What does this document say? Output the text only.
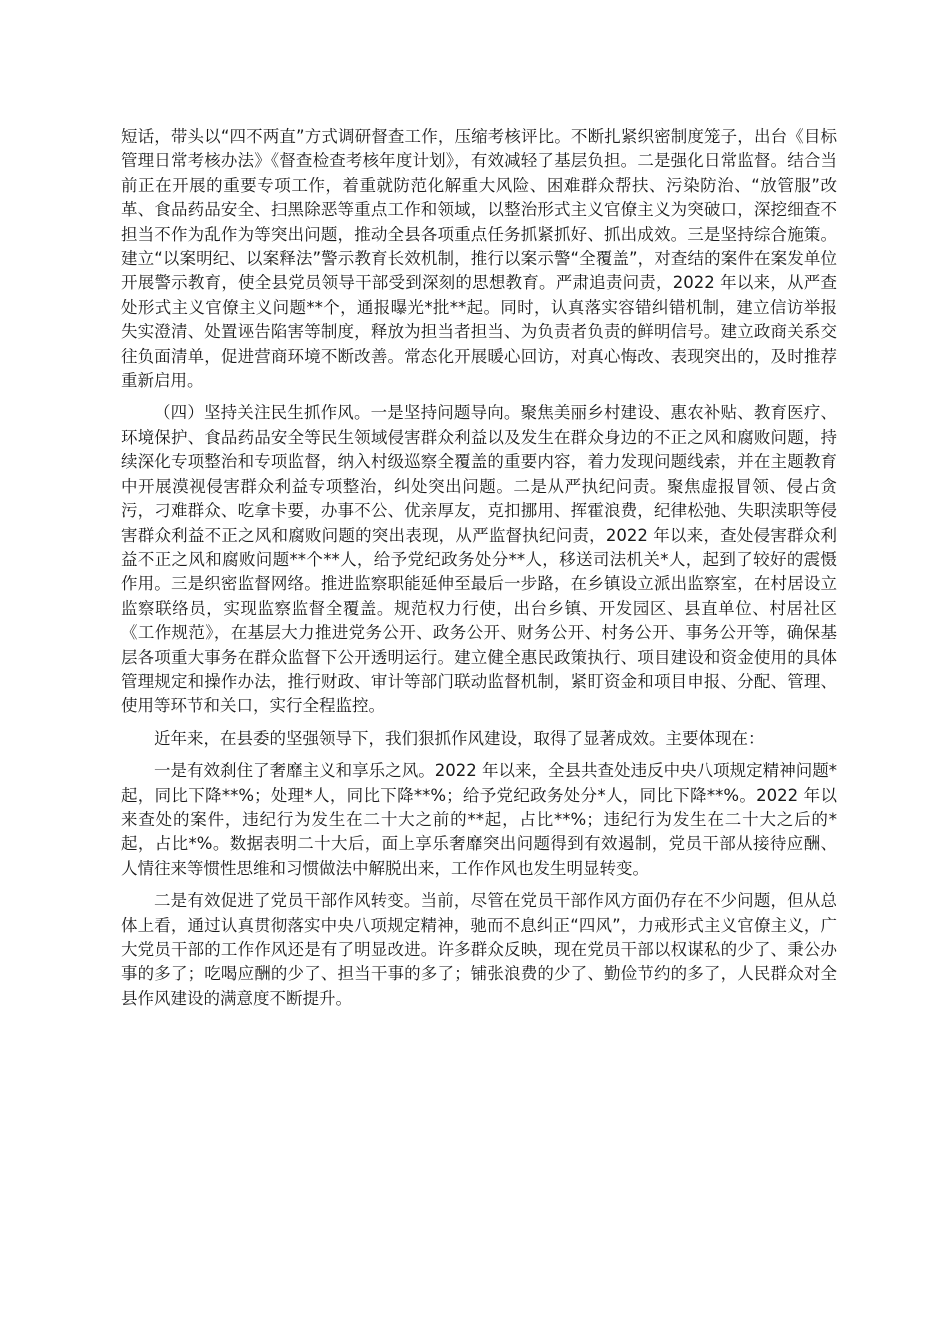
短话，带头以“四不两直”方式调研督查工作，压缩考核评比。不断扎紧织密制度笼子，出台《目标管理日常考核办法》《督查检查考核年度计划》，有效减轻了基层负担。二是强化日常监督。结合当前正在开展的重要专项工作，着重就防范化解重大风险、困难群众帮扶、污染防治、“放管服”改革、食品药品安全、扫黑除恶等重点工作和领域，以整治形式主义官僚主义为突破口，深挖细查不担当不作为乱作为等突出问题，推动全县各项重点任务抓紧抓好、抓出成效。三是坚持综合施策。建立“以案明纪、以案释法”警示教育长效机制，推行以案示警“全覆盖”，对查结的案件在案发单位开展警示教育，使全县党员领导干部受到深刻的思想教育。严肃追责问责，2022 年以来，从严查处形式主义官僚主义问题**个，通报曝光*批**起。同时，认真落实容错纠错机制，建立信访举报失实澄清、处置诬告陷害等制度，释放为担当者担当、为负责者负责的鲜明信号。建立政商关系交往负面清单，促进营商环境不断改善。常态化开展暖心回访，对真心悔改、表现突出的，及时推荐重新启用。

（四）坚持关注民生抓作风。一是坚持问题导向。聚焦美丽乡村建设、惠农补贴、教育医疗、环境保护、食品药品安全等民生领域侵害群众利益以及发生在群众身边的不正之风和腐败问题，持续深化专项整治和专项监督，纳入村级巡察全覆盖的重要内容，着力发现问题线索，并在主题教育中开展漠视侵害群众利益专项整治，纠处突出问题。二是从严执纪问责。聚焦虚报冒领、侵占贪污，刁难群众、吃拿卡要，办事不公、优亲厚友，克扣挪用、挥霍浪费，纪律松弛、失职渎职等侵害群众利益不正之风和腐败问题的突出表现，从严监督执纪问责，2022 年以来，查处侵害群众利益不正之风和腐败问题**个**人，给予党纪政务处分**人，移送司法机关*人，起到了较好的震慑作用。三是织密监督网络。推进监察职能延伸至最后一步路，在乡镇设立派出监察室，在村居设立监察联络员，实现监察监督全覆盖。规范权力行使，出台乡镇、开发园区、县直单位、村居社区《工作规范》，在基层大力推进党务公开、政务公开、财务公开、村务公开、事务公开等，确保基层各项重大事务在群众监督下公开透明运行。建立健全惠民政策执行、项目建设和资金使用的具体管理规定和操作办法，推行财政、审计等部门联动监督机制，紧盯资金和项目申报、分配、管理、使用等环节和关口，实行全程监控。

近年来，在县委的坚强领导下，我们狠抓作风建设，取得了显著成效。主要体现在：

一是有效刹住了奢靡主义和享乐之风。2022 年以来，全县共查处违反中央八项规定精神问题*起，同比下降**%；处理*人，同比下降**%；给予党纪政务处分*人，同比下降**%。2022 年以来查处的案件，违纪行为发生在二十大之前的**起，占比**%；违纪行为发生在二十大之后的*起，占比*%。数据表明二十大后，面上享乐奢靡突出问题得到有效遏制，党员干部从接待应酬、人情往来等惯性思维和习惯做法中解脱出来，工作作风也发生明显转变。

二是有效促进了党员干部作风转变。当前，尽管在党员干部作风方面仍存在不少问题，但从总体上看，通过认真贯彻落实中央八项规定精神，驰而不息纠正“四风”，力戒形式主义官僚主义，广大党员干部的工作作风还是有了明显改进。许多群众反映，现在党员干部以权谋私的少了、秉公办事的多了；吃喝应酬的少了、担当干事的多了；铺张浪费的少了、勤俭节约的多了，人民群众对全县作风建设的满意度不断提升。
